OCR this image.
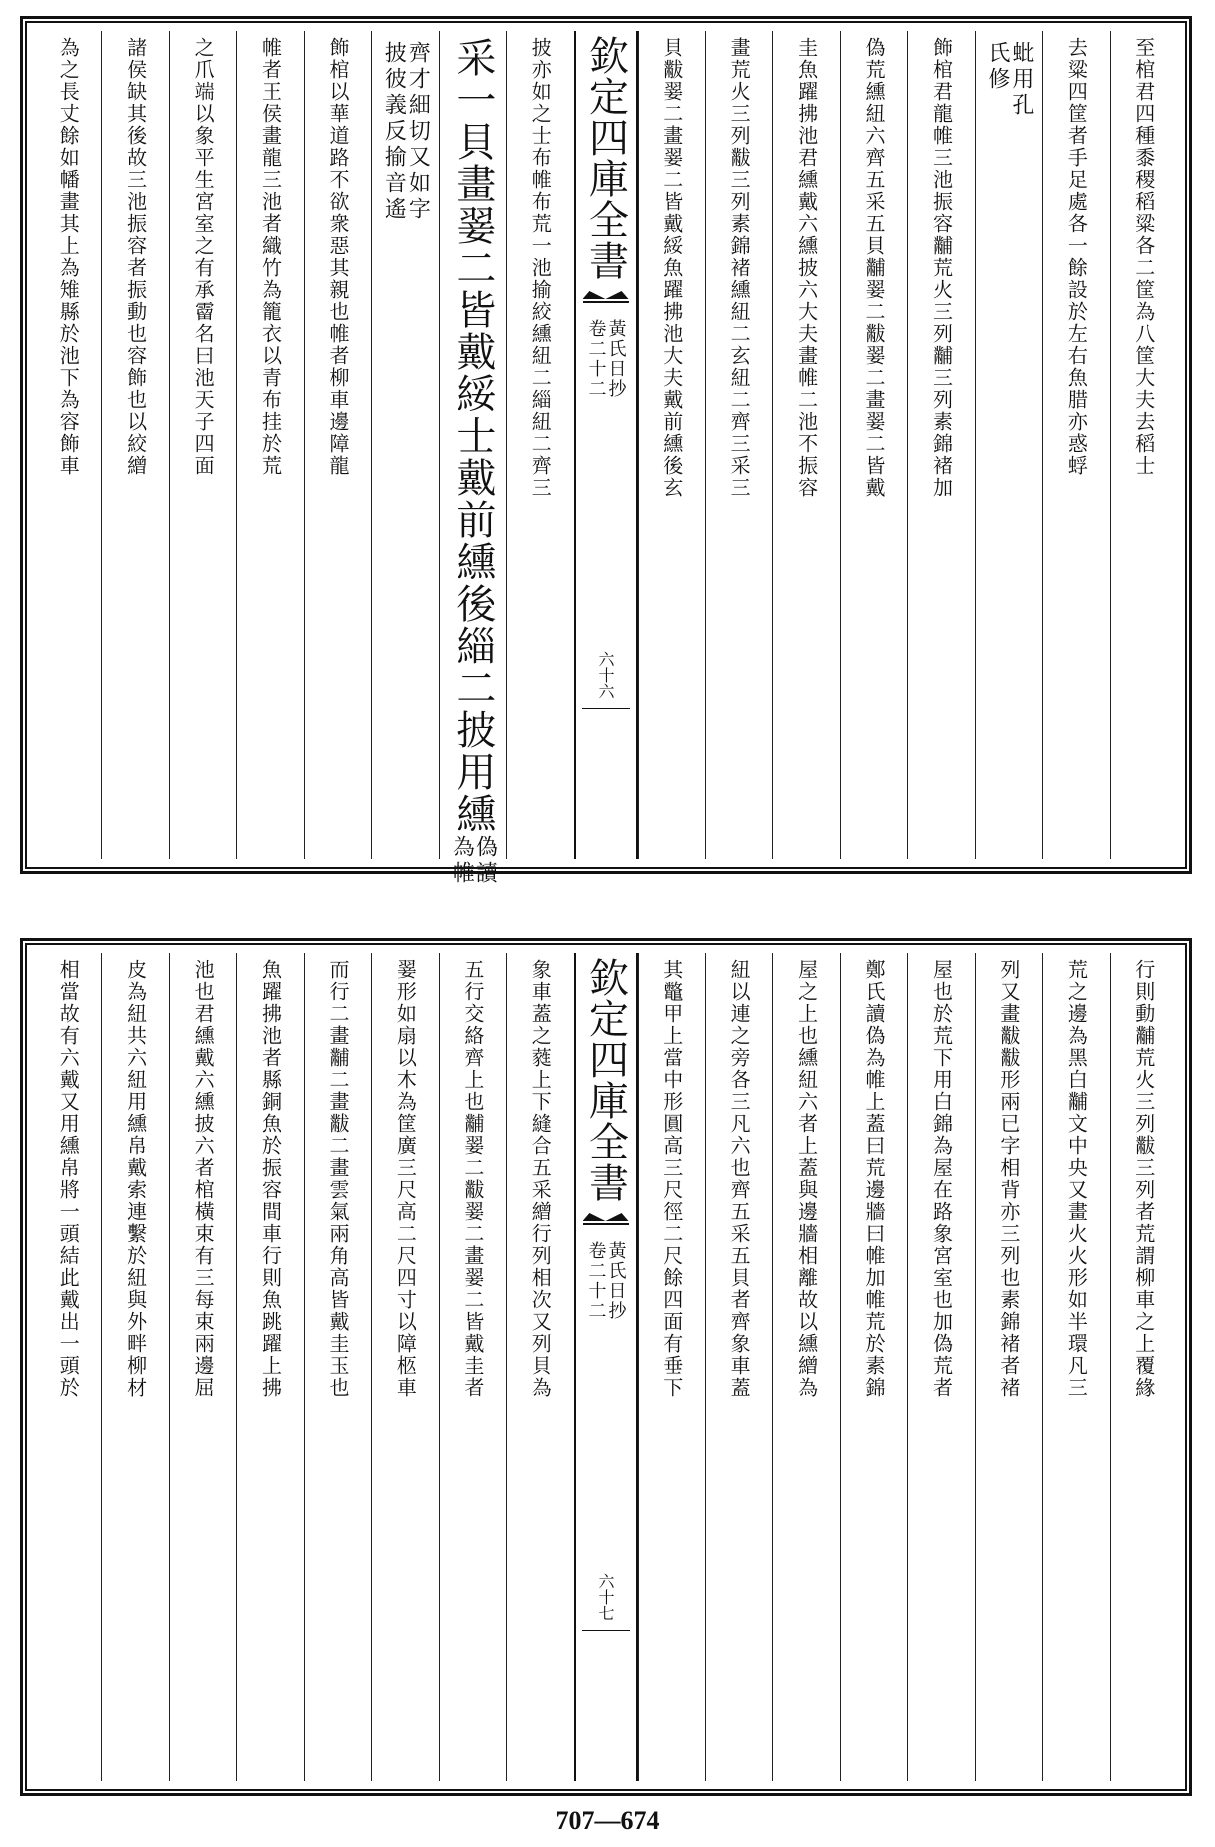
至棺君四種黍稷稻粱各二筐為八筐大夫去稻士
去粱四筐者手足處各一餘設於左右魚腊亦惑蜉
蚍用孔
氏修
飾棺君龍帷三池振容黼荒火三列黼三列素錦褚加
偽荒纁紐六齊五采五貝黼翣二黻翣二畫翣二皆戴
圭魚躍拂池君纁戴六纁披六大夫畫帷二池不振容
畫荒火三列黻三列素錦褚纁紐二玄紐二齊三采三
貝黻翣二畫翣二皆戴綏魚躍拂池大夫戴前纁後玄
欽定四庫全書
黃氏日抄
卷二十二
六十六
披亦如之士布帷布荒一池揄絞纁紐二緇紐二齊三
采一貝畫翣二皆戴綏士戴前纁後緇二披用纁
偽讀
為帷
齊才細切又如字
披彼義反揄音遙
飾棺以華道路不欲衆惡其親也帷者柳車邊障龍
帷者王侯畫龍三池者織竹為籠衣以青布挂於荒
之爪端以象平生宮室之有承霤名曰池天子四面
諸侯缺其後故三池振容者振動也容飾也以絞繒
為之長丈餘如幡畫其上為雉縣於池下為容飾車
行則動黼荒火三列黻三列者荒謂柳車之上覆緣
荒之邊為黑白黼文中央又畫火火形如半環凡三
列又畫黻黻形兩已字相背亦三列也素錦褚者褚
屋也於荒下用白錦為屋在路象宮室也加偽荒者
鄭氏讀偽為帷上蓋曰荒邊牆曰帷加帷荒於素錦
屋之上也纁紐六者上蓋與邊牆相離故以纁繒為
紐以連之旁各三凡六也齊五采五貝者齊象車蓋
其鼈甲上當中形圓高三尺徑二尺餘四面有垂下
欽定四庫全書
黃氏日抄
卷二十二
六十七
象車蓋之蕤上下縫合五采繒行列相次又列貝為
五行交絡齊上也黼翣二黻翣二畫翣二皆戴圭者
翣形如扇以木為筐廣三尺高二尺四寸以障柩車
而行二畫黼二畫黻二畫雲氣兩角高皆戴圭玉也
魚躍拂池者縣銅魚於振容間車行則魚跳躍上拂
池也君纁戴六纁披六者棺橫束有三每束兩邊屈
皮為紐共六紐用纁帛戴索連繫於紐與外畔柳材
相當故有六戴又用纁帛將一頭結此戴出一頭於
707—674
